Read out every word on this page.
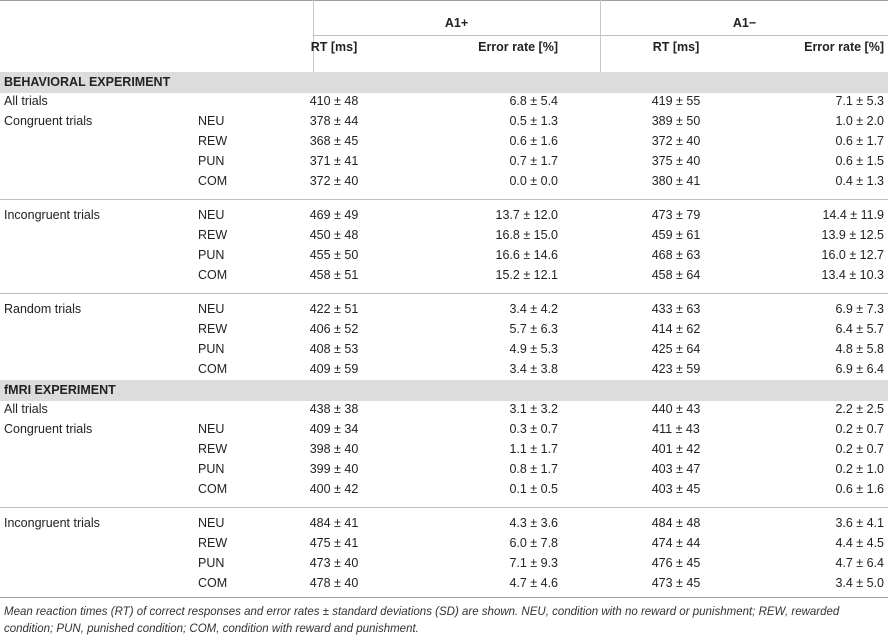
A1+	A1−
RT [ms]	Error rate [%]	RT [ms]	Error rate [%]
BEHAVIORAL EXPERIMENT
All trials	410 ± 48	6.8 ± 5.4	419 ± 55	7.1 ± 5.3
Congruent trials	NEU	378 ± 44	0.5 ± 1.3	389 ± 50	1.0 ± 2.0
REW	368 ± 45	0.6 ± 1.6	372 ± 40	0.6 ± 1.7
PUN	371 ± 41	0.7 ± 1.7	375 ± 40	0.6 ± 1.5
COM	372 ± 40	0.0 ± 0.0	380 ± 41	0.4 ± 1.3
Incongruent trials	NEU	469 ± 49	13.7 ± 12.0	473 ± 79	14.4 ± 11.9
REW	450 ± 48	16.8 ± 15.0	459 ± 61	13.9 ± 12.5
PUN	455 ± 50	16.6 ± 14.6	468 ± 63	16.0 ± 12.7
COM	458 ± 51	15.2 ± 12.1	458 ± 64	13.4 ± 10.3
Random trials	NEU	422 ± 51	3.4 ± 4.2	433 ± 63	6.9 ± 7.3
REW	406 ± 52	5.7 ± 6.3	414 ± 62	6.4 ± 5.7
PUN	408 ± 53	4.9 ± 5.3	425 ± 64	4.8 ± 5.8
COM	409 ± 59	3.4 ± 3.8	423 ± 59	6.9 ± 6.4
fMRI EXPERIMENT
All trials	438 ± 38	3.1 ± 3.2	440 ± 43	2.2 ± 2.5
Congruent trials	NEU	409 ± 34	0.3 ± 0.7	411 ± 43	0.2 ± 0.7
REW	398 ± 40	1.1 ± 1.7	401 ± 42	0.2 ± 0.7
PUN	399 ± 40	0.8 ± 1.7	403 ± 47	0.2 ± 1.0
COM	400 ± 42	0.1 ± 0.5	403 ± 45	0.6 ± 1.6
Incongruent trials	NEU	484 ± 41	4.3 ± 3.6	484 ± 48	3.6 ± 4.1
REW	475 ± 41	6.0 ± 7.8	474 ± 44	4.4 ± 4.5
PUN	473 ± 40	7.1 ± 9.3	476 ± 45	4.7 ± 6.4
COM	478 ± 40	4.7 ± 4.6	473 ± 45	3.4 ± 5.0
Mean reaction times (RT) of correct responses and error rates ± standard deviations (SD) are shown. NEU, condition with no reward or punishment; REW, rewarded condition; PUN, punished condition; COM, condition with reward and punishment.
